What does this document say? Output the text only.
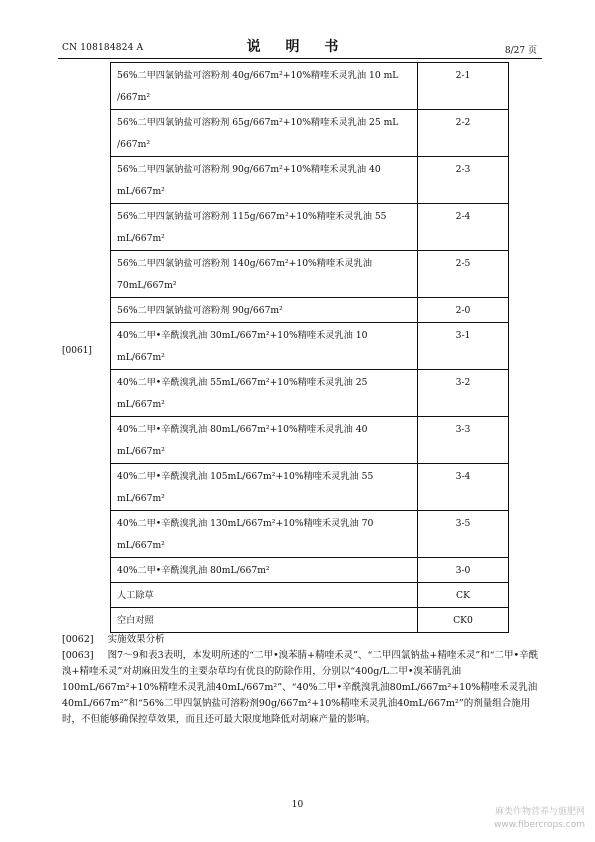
CN 108184824 A	说 明 书	8/27 页
[0061]
56%二甲四氯钠盐可溶粉剂 40g/667m²+10%精喹禾灵乳油 10 mL /667m²	2-1
56%二甲四氯钠盐可溶粉剂 65g/667m²+10%精喹禾灵乳油 25 mL /667m²	2-2
56%二甲四氯钠盐可溶粉剂 90g/667m²+10%精喹禾灵乳油 40 mL/667m²	2-3
56%二甲四氯钠盐可溶粉剂 115g/667m²+10%精喹禾灵乳油 55 mL/667m²	2-4
56%二甲四氯钠盐可溶粉剂 140g/667m²+10%精喹禾灵乳油 70mL/667m²	2-5
56%二甲四氯钠盐可溶粉剂 90g/667m²	2-0
40%二甲•辛酰溴乳油 30mL/667m²+10%精喹禾灵乳油 10 mL/667m²	3-1
40%二甲•辛酰溴乳油 55mL/667m²+10%精喹禾灵乳油 25 mL/667m²	3-2
40%二甲•辛酰溴乳油 80mL/667m²+10%精喹禾灵乳油 40 mL/667m²	3-3
40%二甲•辛酰溴乳油 105mL/667m²+10%精喹禾灵乳油 55 mL/667m²	3-4
40%二甲•辛酰溴乳油 130mL/667m²+10%精喹禾灵乳油 70 mL/667m²	3-5
40%二甲•辛酰溴乳油 80mL/667m²	3-0
人工除草	CK
空白对照	CK0

[0062] 实施效果分析

[0063] 图7～9和表3表明，本发明所述的“二甲•溴苯腈+精喹禾灵”、“二甲四氯钠盐+精喹禾灵”和“二甲•辛酰溴+精喹禾灵”对胡麻田发生的主要杂草均有优良的防除作用，分别以“400g/L二甲•溴苯腈乳油100mL/667m²+10%精喹禾灵乳油40mL/667m²”、“40%二甲•辛酰溴乳油80mL/667m²+10%精喹禾灵乳油40mL/667m²”和“56%二甲四氯钠盐可溶粉剂90g/667m²+10%精喹禾灵乳油40mL/667m²”的剂量组合施用时，不但能够确保控草效果，而且还可最大限度地降低对胡麻产量的影响。

10
麻类作物营养与施肥网
www.fibercrops.com
